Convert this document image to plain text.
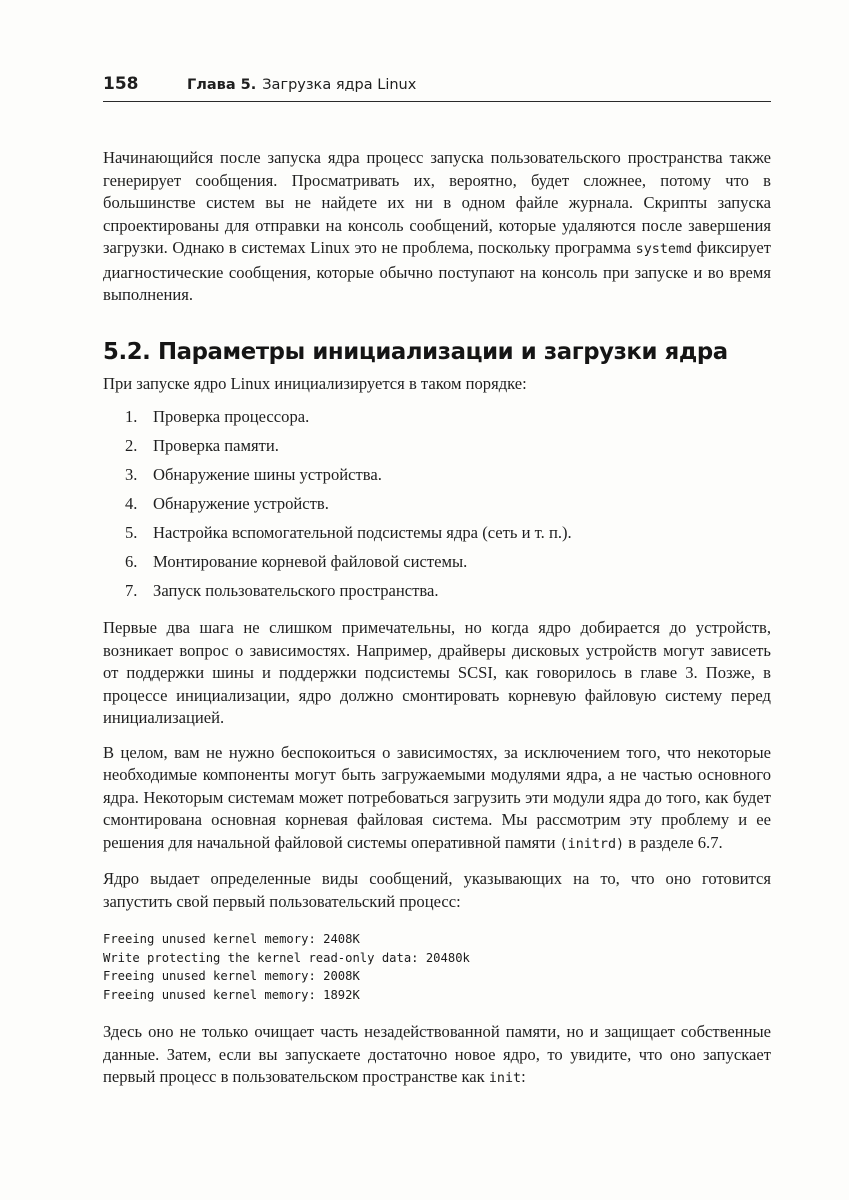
158	Глава 5. Загрузка ядра Linux

Начинающийся после запуска ядра процесс запуска пользовательского пространства также генерирует сообщения. Просматривать их, вероятно, будет сложнее, потому что в большинстве систем вы не найдете их ни в одном файле журнала. Скрипты запуска спроектированы для отправки на консоль сообщений, которые удаляются после завершения загрузки. Однако в системах Linux это не проблема, поскольку программа systemd фиксирует диагностические сообщения, которые обычно поступают на консоль при запуске и во время выполнения.

5.2. Параметры инициализации и загрузки ядра

При запуске ядро Linux инициализируется в таком порядке:

1. Проверка процессора.
2. Проверка памяти.
3. Обнаружение шины устройства.
4. Обнаружение устройств.
5. Настройка вспомогательной подсистемы ядра (сеть и т. п.).
6. Монтирование корневой файловой системы.
7. Запуск пользовательского пространства.

Первые два шага не слишком примечательны, но когда ядро добирается до устройств, возникает вопрос о зависимостях. Например, драйверы дисковых устройств могут зависеть от поддержки шины и поддержки подсистемы SCSI, как говорилось в главе 3. Позже, в процессе инициализации, ядро должно смонтировать корневую файловую систему перед инициализацией.

В целом, вам не нужно беспокоиться о зависимостях, за исключением того, что некоторые необходимые компоненты могут быть загружаемыми модулями ядра, а не частью основного ядра. Некоторым системам может потребоваться загрузить эти модули ядра до того, как будет смонтирована основная корневая файловая система. Мы рассмотрим эту проблему и ее решения для начальной файловой системы оперативной памяти (initrd) в разделе 6.7.

Ядро выдает определенные виды сообщений, указывающих на то, что оно готовится запустить свой первый пользовательский процесс:

Freeing unused kernel memory: 2408K
Write protecting the kernel read-only data: 20480k
Freeing unused kernel memory: 2008K
Freeing unused kernel memory: 1892K

Здесь оно не только очищает часть незадействованной памяти, но и защищает собственные данные. Затем, если вы запускаете достаточно новое ядро, то увидите, что оно запускает первый процесс в пользовательском пространстве как init:
